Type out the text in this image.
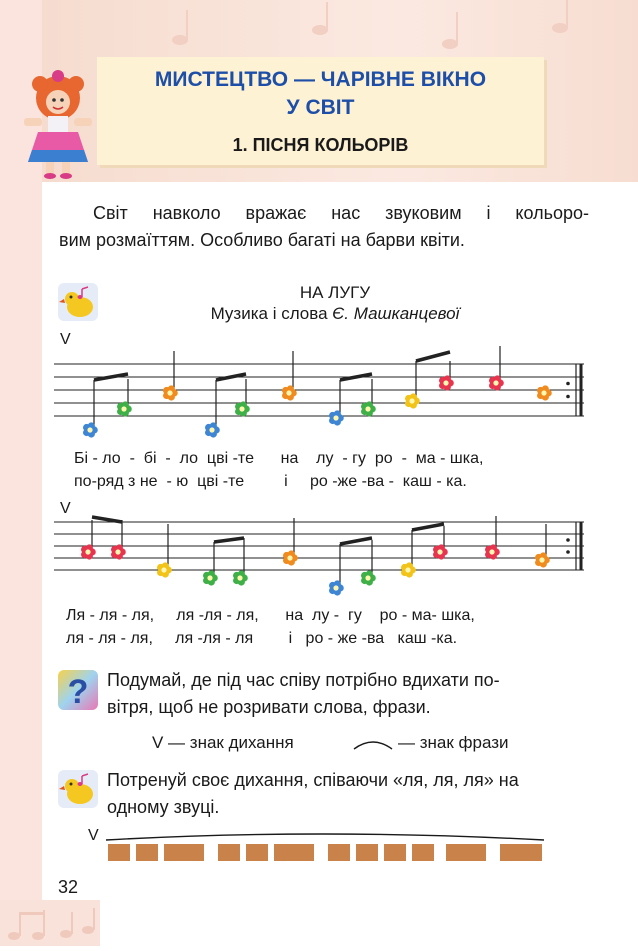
МИСТЕЦТВО — ЧАРІВНЕ ВІКНО
У СВІТ
1. ПІСНЯ КОЛЬОРІВ
Світ навколо вражає нас звуковим і кольоро-
вим розмаїттям. Особливо багаті на барви квіти.
НА ЛУГУ
Музика і слова Є. Машканцевої
V
Бі - ло  -  бі  -  ло  цві -те      на    лу  - гу  ро  -  ма - шка,
по-ряд з не  - ю  цві -те         і     ро -же -ва -  каш - ка.
V
Ля - ля - ля,     ля -ля - ля,      на  лу -  гу    ро - ма- шка,
ля - ля - ля,     ля -ля - ля        і   ро - же -ва   каш -ка.
? Подумай, де під час співу потрібно вдихати по-
вітря, щоб не розривати слова, фрази.
V — знак дихання	— знак фрази
Потренуй своє дихання, співаючи «ля, ля, ля» на
одному звуці.
V
32
